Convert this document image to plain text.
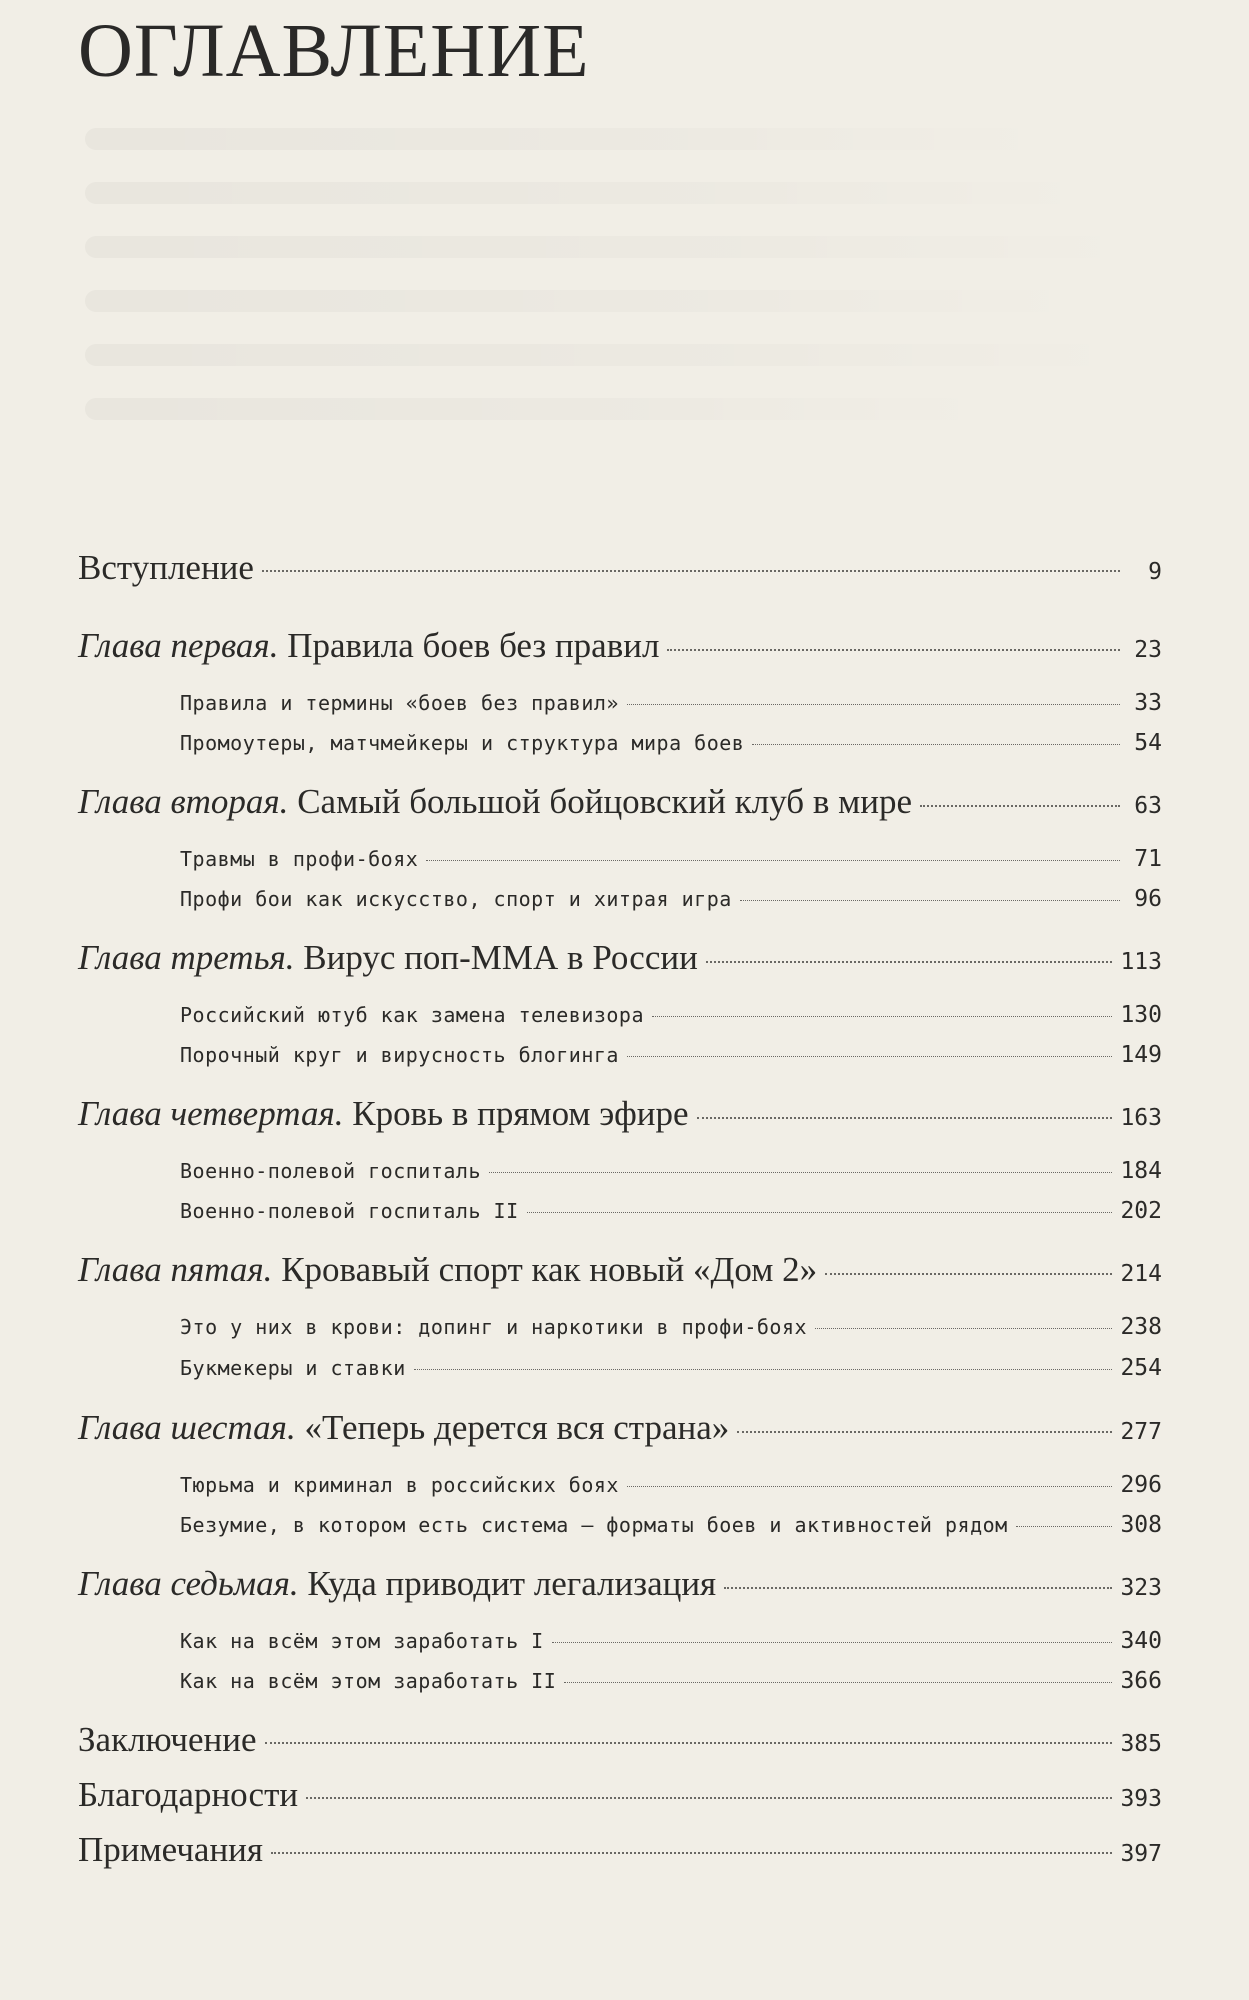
ОГЛАВЛЕНИЕ
Вступление	9
Глава первая. Правила боев без правил	23
Правила и термины «боев без правил»	33
Промоутеры, матчмейкеры и структура мира боев	54
Глава вторая. Самый большой бойцовский клуб в мире	63
Травмы в профи-боях	71
Профи бои как искусство, спорт и хитрая игра	96
Глава третья. Вирус поп-ММА в России	113
Российский ютуб как замена телевизора	130
Порочный круг и вирусность блогинга	149
Глава четвертая. Кровь в прямом эфире	163
Военно-полевой госпиталь	184
Военно-полевой госпиталь II	202
Глава пятая. Кровавый спорт как новый «Дом 2»	214
Это у них в крови: допинг и наркотики в профи-боях	238
Букмекеры и ставки	254
Глава шестая. «Теперь дерется вся страна»	277
Тюрьма и криминал в российских боях	296
Безумие, в котором есть система – форматы боев и активностей рядом	308
Глава седьмая. Куда приводит легализация	323
Как на всём этом заработать I	340
Как на всём этом заработать II	366
Заключение	385
Благодарности	393
Примечания	397
